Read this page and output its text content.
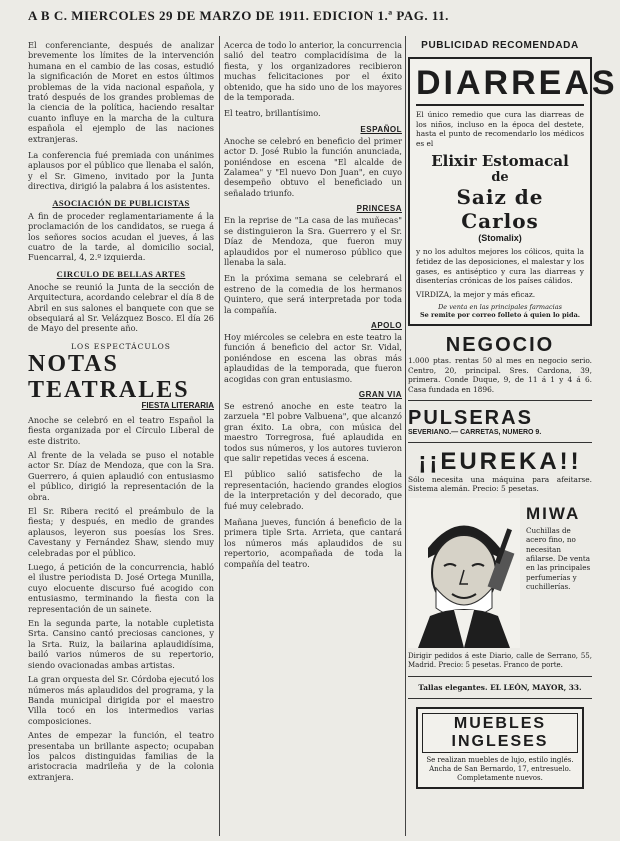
A B C. MIERCOLES 29 DE MARZO DE 1911. EDICION 1.ª PAG. 11.

El conferenciante, después de analizar brevemente los límites de la intervención humana en el cambio de las cosas, estudió la significación de Moret en estos últimos problemas de la vida nacional española, y trató después de los grandes problemas de la ciencia de la política, haciendo resaltar cuanto influye en la marcha de la cultura española el ejemplo de las naciones extranjeras.

La conferencia fué premiada con unánimes aplausos por el público que llenaba el salón, y el Sr. Gimeno, invitado por la Junta directiva, dirigió la palabra á los asistentes.

ASOCIACIÓN DE PUBLICISTAS

A fin de proceder reglamentariamente á la proclamación de los candidatos, se ruega á los señores socios acudan el jueves, á las cuatro de la tarde, al domicilio social, Fuencarral, 4, 2.º izquierda.

CIRCULO DE BELLAS ARTES

Anoche se reunió la Junta de la sección de Arquitectura, acordando celebrar el día 8 de Abril en sus salones el banquete con que se obsequiará al Sr. Velázquez Bosco. El día 26 de Mayo del presente año.

LOS ESPECTÁCULOS
NOTAS TEATRALES
FIESTA LITERARIA

Anoche se celebró en el teatro Español la fiesta organizada por el Círculo Liberal de este distrito.

Al frente de la velada se puso el notable actor Sr. Díaz de Mendoza, que con la Sra. Guerrero, á quien aplaudió con entusiasmo el público, dirigió la representación de la obra.

El Sr. Ribera recitó el preámbulo de la fiesta; y después, en medio de grandes aplausos, leyeron sus poesías los Sres. Cavestany y Fernández Shaw, siendo muy celebradas por el público.

Luego, á petición de la concurrencia, habló el ilustre periodista D. José Ortega Munilla, cuyo elocuente discurso fué acogido con entusiasmo, terminando la fiesta con la representación de un sainete.

En la segunda parte, la notable cupletista Srta. Cansino cantó preciosas canciones, y la Srta. Ruiz, la bailarina aplaudidísima, bailó varios números de su repertorio, siendo ovacionadas ambas artistas.

La gran orquesta del Sr. Córdoba ejecutó los números más aplaudidos del programa, y la Banda municipal dirigida por el maestro Villa tocó en los intermedios varias composiciones.

Antes de empezar la función, el teatro presentaba un brillante aspecto; ocupaban los palcos distinguidas familias de la aristocracia madrileña y de la colonia extranjera.

Acerca de todo lo anterior, la concurrencia salió del teatro complacidísima de la fiesta, y los organizadores recibieron muchas felicitaciones por el éxito obtenido, que ha sido uno de los mayores de la temporada.

El teatro, brillantísimo.

ESPAÑOL

Anoche se celebró en beneficio del primer actor D. José Rubio la función anunciada, poniéndose en escena "El alcalde de Zalamea" y "El nuevo Don Juan", en cuyo desempeño obtuvo el beneficiado un señalado triunfo.

PRINCESA

En la reprise de "La casa de las muñecas" se distinguieron la Sra. Guerrero y el Sr. Díaz de Mendoza, que fueron muy aplaudidos por el numeroso público que llenaba la sala.

En la próxima semana se celebrará el estreno de la comedia de los hermanos Quintero, que será interpretada por toda la compañía.

APOLO

Hoy miércoles se celebra en este teatro la función á beneficio del actor Sr. Vidal, poniéndose en escena las obras más aplaudidas de la temporada, que fueron acogidas con gran entusiasmo.

GRAN VIA

Se estrenó anoche en este teatro la zarzuela "El pobre Valbuena", que alcanzó gran éxito. La obra, con música del maestro Torregrosa, fué aplaudida en todos sus números, y los autores tuvieron que salir repetidas veces á escena.

El público salió satisfecho de la representación, haciendo grandes elogios de la interpretación y del decorado, que fué muy celebrado.

Mañana jueves, función á beneficio de la primera tiple Srta. Arrieta, que cantará los números más aplaudidos de su repertorio, acompañada de toda la compañía del teatro.

PUBLICIDAD RECOMENDADA
DIARREAS

El único remedio que cura las diarreas de los niños, incluso en la época del destete, hasta el punto de recomendarlo los médicos es el

Elixir Estomacal
de
Saiz de Carlos
(Stomalix)

y no los adultos mejores los cólicos, quita la fetidez de las deposiciones, el malestar y los gases, es antiséptico y cura las diarreas y disenterías crónicas de los países cálidos.

VIRDIZA, la mejor y más eficaz.

De venta en las principales farmacias

Se remite por correo folleto á quien lo pida.

NEGOCIO

1.000 ptas. rentas 50 al mes en negocio serio. Centro, 20, principal. Sres. Cardona, 39, primera. Conde Duque, 9, de 11 á 1 y 4 á 6. Casa fundada en 1896.

PULSERAS
SEVERIANO.— CARRETAS, NUMERO 9.
¡¡EUREKA!!

Sólo necesita una máquina para afeitarse. Sistema alemán. Precio: 5 pesetas.

MIWA

Cuchillas de acero fino, no necesitan afilarse. De venta en las principales perfumerías y cuchillerías.

Dirigir pedidos á este Diario, calle de Serrano, 55, Madrid. Precio: 5 pesetas. Franco de porte.

Tallas elegantes. EL LEÓN, MAYOR, 33.

MUEBLES INGLESES

Se realizan muebles de lujo, estilo inglés. Ancha de San Bernardo, 17, entresuelo. Completamente nuevos.
